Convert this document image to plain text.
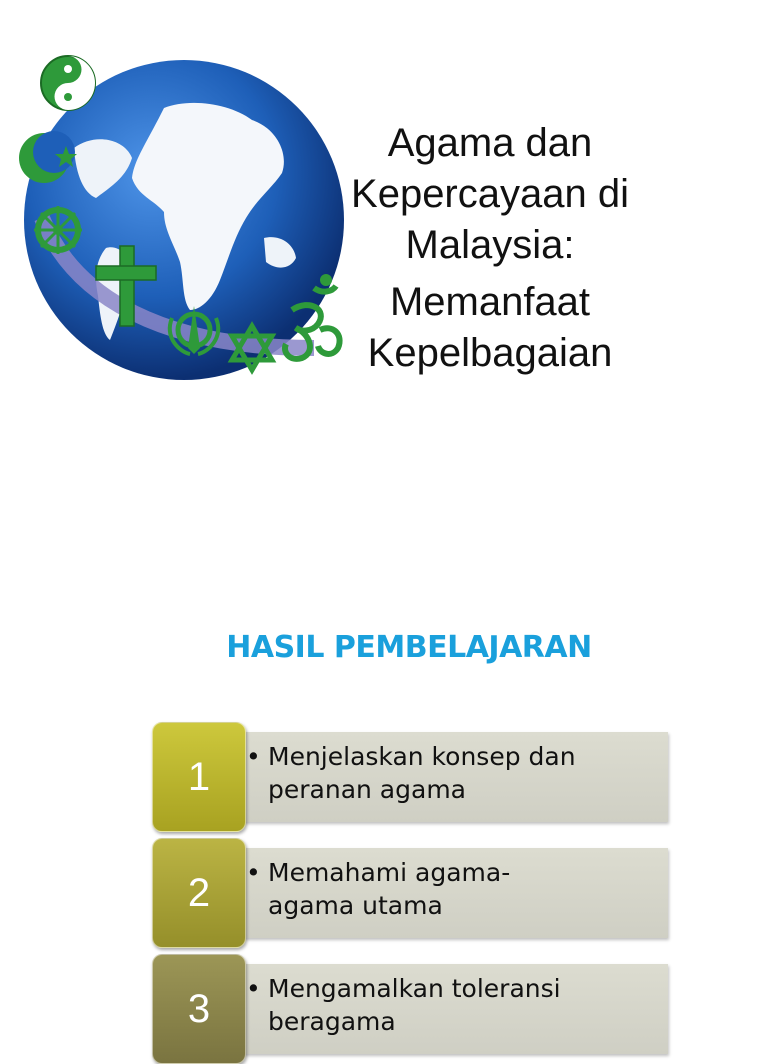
Agama dan
Kepercayaan di
Malaysia:
Memanfaat
Kepelbagaian
HASIL PEMBELAJARAN
1	• Menjelaskan konsep dan
peranan agama
2	• Memahami agama-
agama utama
3	• Mengamalkan toleransi
beragama
